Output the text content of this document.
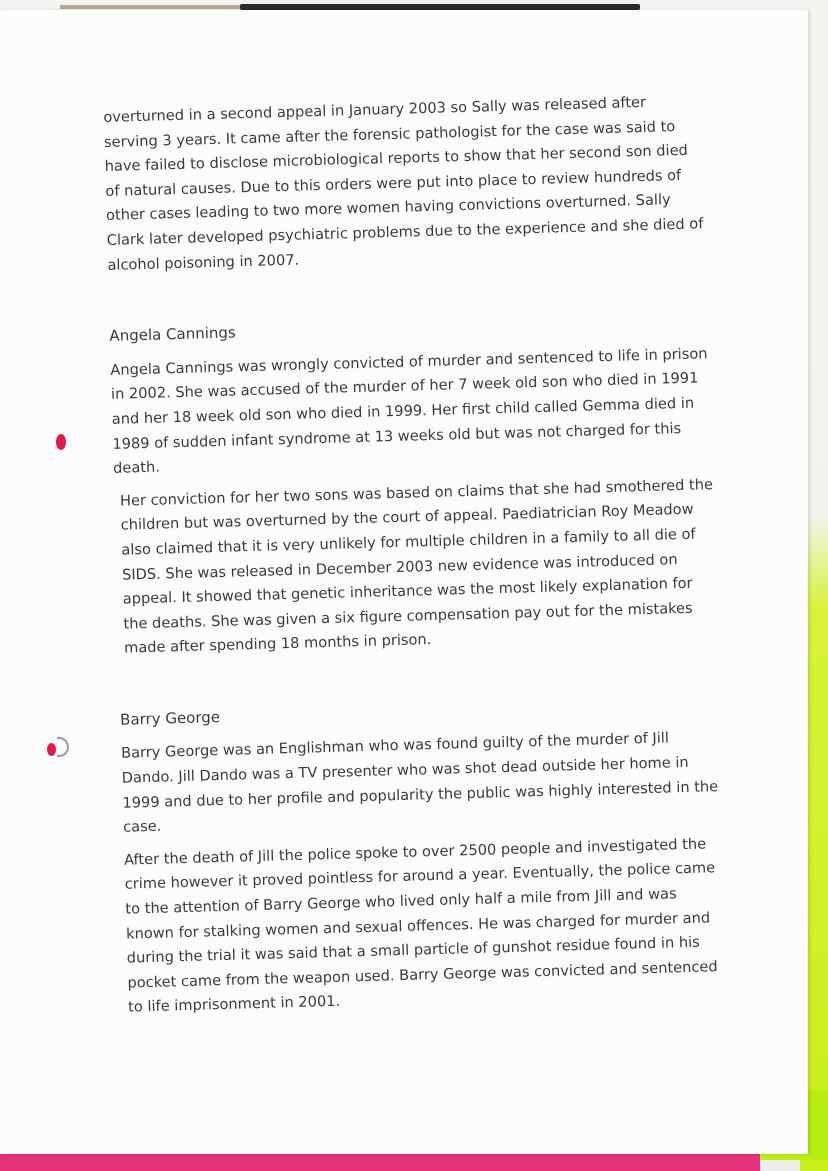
overturned in a second appeal in January 2003 so Sally was released after serving 3 years. It came after the forensic pathologist for the case was said to have failed to disclose microbiological reports to show that her second son died of natural causes. Due to this orders were put into place to review hundreds of other cases leading to two more women having convictions overturned. Sally Clark later developed psychiatric problems due to the experience and she died of alcohol poisoning in 2007.

Angela Cannings

Angela Cannings was wrongly convicted of murder and sentenced to life in prison in 2002. She was accused of the murder of her 7 week old son who died in 1991 and her 18 week old son who died in 1999. Her first child called Gemma died in 1989 of sudden infant syndrome at 13 weeks old but was not charged for this death.

Her conviction for her two sons was based on claims that she had smothered the children but was overturned by the court of appeal. Paediatrician Roy Meadow also claimed that it is very unlikely for multiple children in a family to all die of SIDS. She was released in December 2003 new evidence was introduced on appeal. It showed that genetic inheritance was the most likely explanation for the deaths. She was given a six figure compensation pay out for the mistakes made after spending 18 months in prison.

Barry George

Barry George was an Englishman who was found guilty of the murder of Jill Dando. Jill Dando was a TV presenter who was shot dead outside her home in 1999 and due to her profile and popularity the public was highly interested in the case.

After the death of Jill the police spoke to over 2500 people and investigated the crime however it proved pointless for around a year. Eventually, the police came to the attention of Barry George who lived only half a mile from Jill and was known for stalking women and sexual offences. He was charged for murder and during the trial it was said that a small particle of gunshot residue found in his pocket came from the weapon used. Barry George was convicted and sentenced to life imprisonment in 2001.
